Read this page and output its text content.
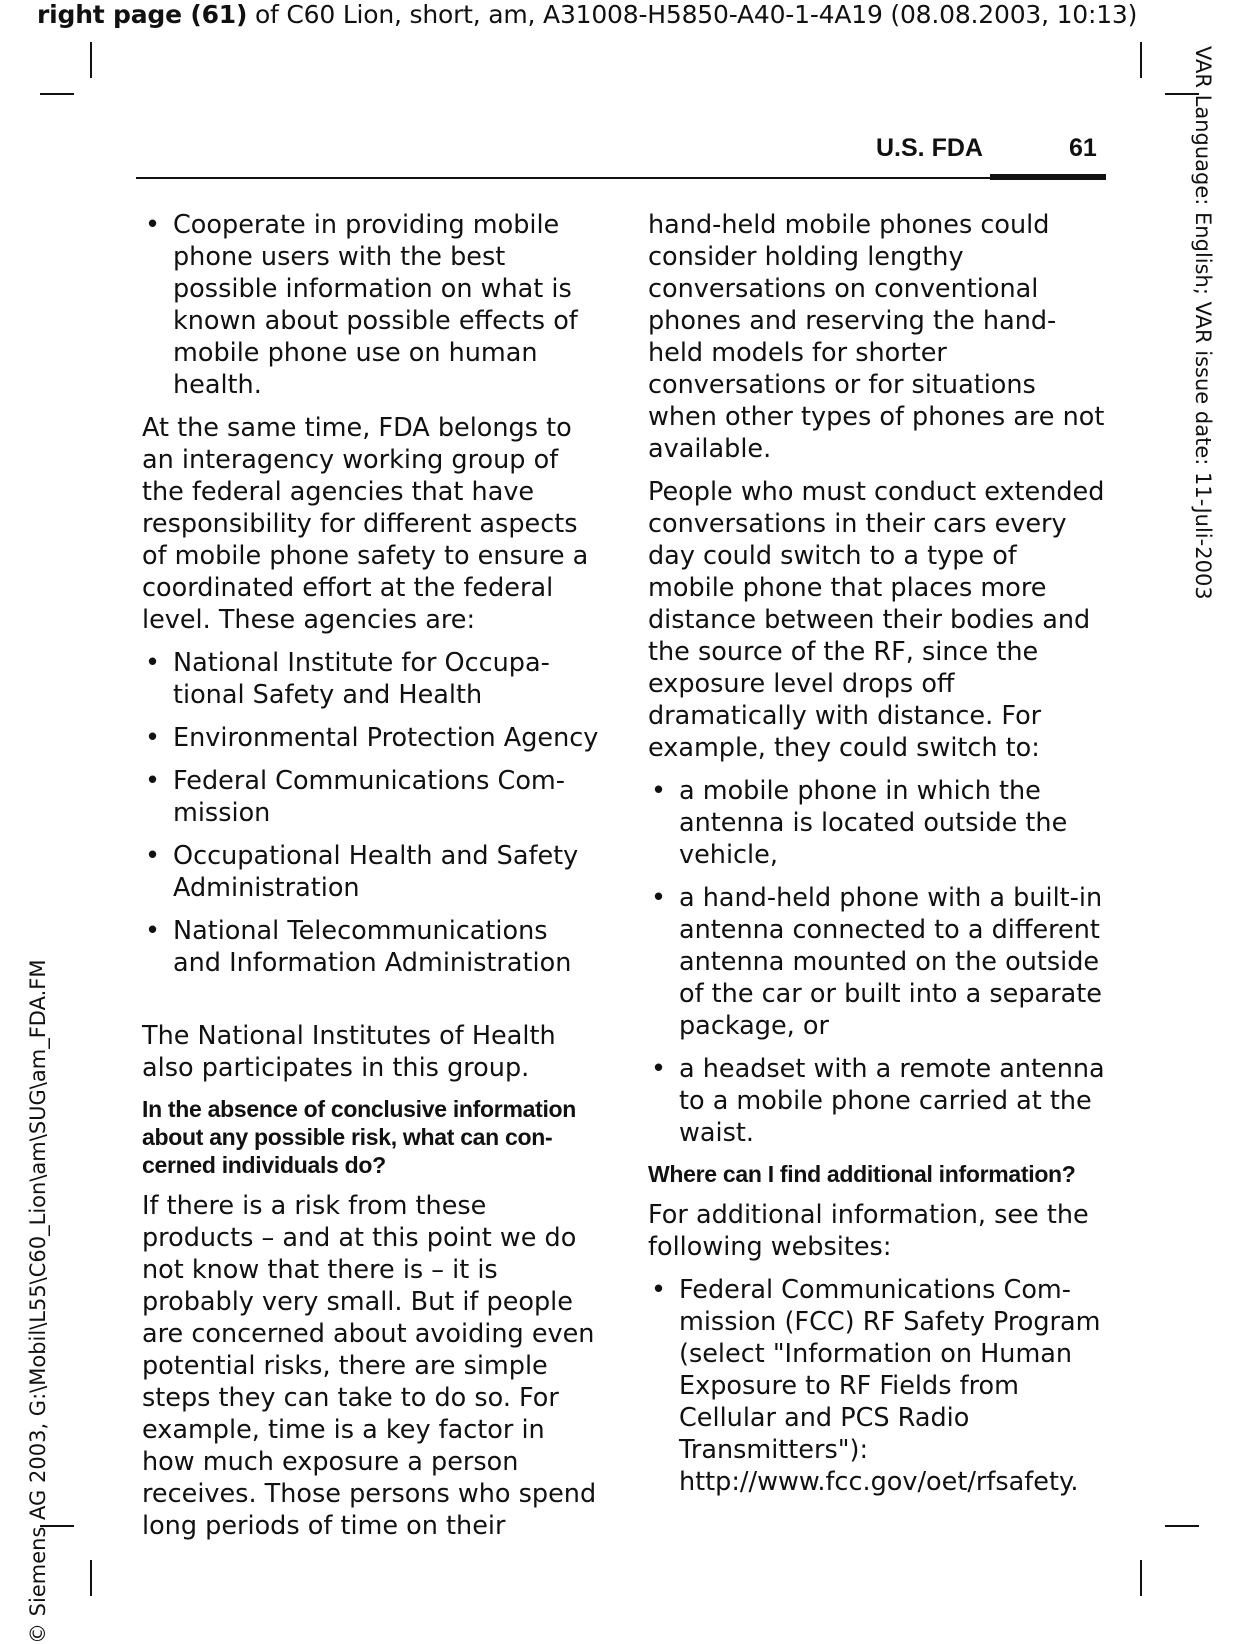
right page (61) of C60 Lion, short, am, A31008-H5850-A40-1-4A19 (08.08.2003, 10:13)
U.S. FDA	61	VAR Language: English; VAR issue date: 11-Juli-2003
© Siemens AG 2003, G:\Mobil\L55\C60_Lion\am\SUG\am_FDA.FM
• Cooperate in providing mobile phone users with the best possible information on what is known about possible effects of mobile phone use on human health.

At the same time, FDA belongs to an interagency working group of the federal agencies that have responsibility for different aspects of mobile phone safety to ensure a coordinated effort at the federal level. These agencies are:

• National Institute for Occupational Safety and Health
• Environmental Protection Agency
• Federal Communications Commission
• Occupational Health and Safety Administration
• National Telecommunications and Information Administration

The National Institutes of Health also participates in this group.

In the absence of conclusive information about any possible risk, what can concerned individuals do?

If there is a risk from these products – and at this point we do not know that there is – it is probably very small. But if people are concerned about avoiding even potential risks, there are simple steps they can take to do so. For example, time is a key factor in how much exposure a person receives. Those persons who spend long periods of time on their

hand-held mobile phones could consider holding lengthy conversations on conventional phones and reserving the hand-held models for shorter conversations or for situations when other types of phones are not available.

People who must conduct extended conversations in their cars every day could switch to a type of mobile phone that places more distance between their bodies and the source of the RF, since the exposure level drops off dramatically with distance. For example, they could switch to:

• a mobile phone in which the antenna is located outside the vehicle,
• a hand-held phone with a built-in antenna connected to a different antenna mounted on the outside of the car or built into a separate package, or
• a headset with a remote antenna to a mobile phone carried at the waist.

Where can I find additional information?

For additional information, see the following websites:

• Federal Communications Commission (FCC) RF Safety Program (select "Information on Human Exposure to RF Fields from Cellular and PCS Radio Transmitters"): http://www.fcc.gov/oet/rfsafety.
